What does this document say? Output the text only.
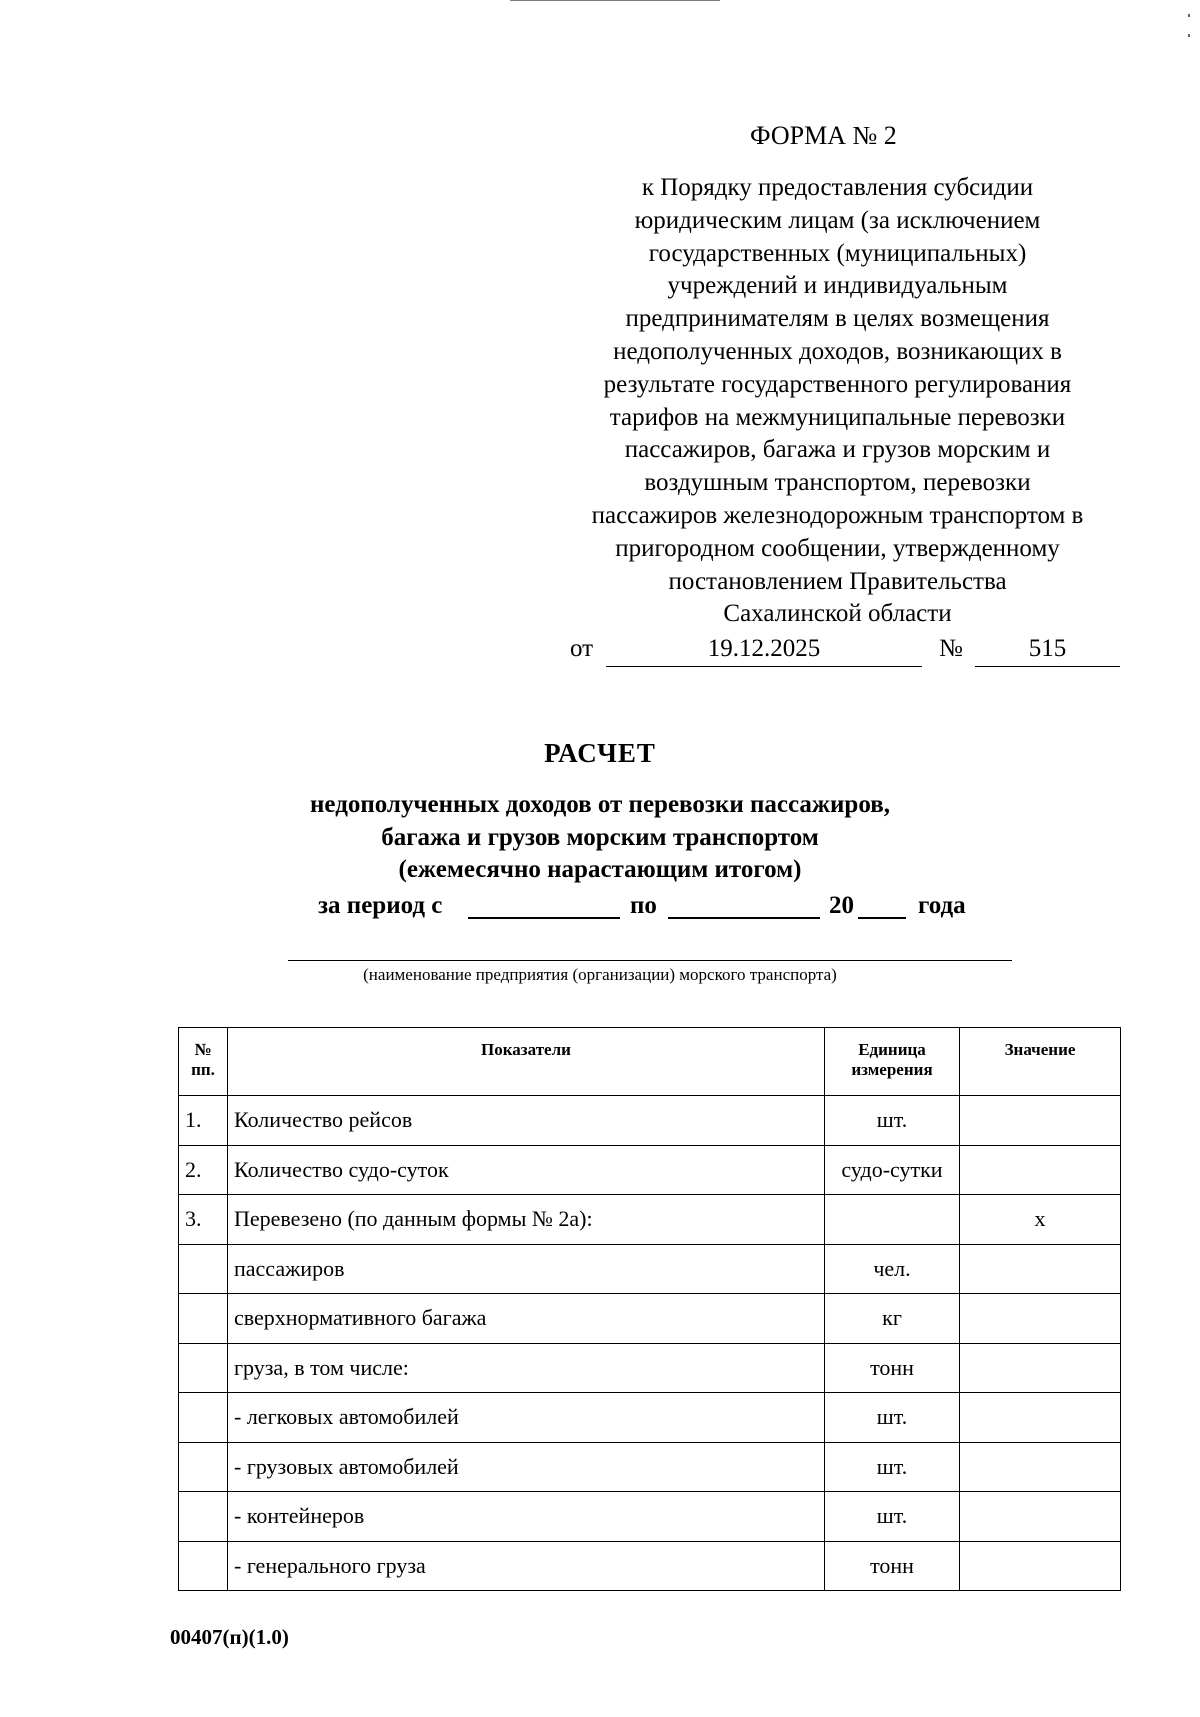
ФОРМА № 2
к Порядку предоставления субсидии
юридическим лицам (за исключением
государственных (муниципальных)
учреждений и индивидуальным
предпринимателям в целях возмещения
недополученных доходов, возникающих в
результате государственного регулирования
тарифов на межмуниципальные перевозки
пассажиров, багажа и грузов морским и
воздушным транспортом, перевозки
пассажиров железнодорожным транспортом в
пригородном сообщении, утвержденному
постановлением Правительства
Сахалинской области
от	19.12.2025	№	515
РАСЧЕТ
недополученных доходов от перевозки пассажиров,
багажа и грузов морским транспортом
(ежемесячно нарастающим итогом)
за период с	по	20	года
(наименование предприятия (организации) морского транспорта)
№ пп.	Показатели	Единица измерения	Значение
1.	Количество рейсов	шт.	
2.	Количество судо-суток	судо-сутки	
3.	Перевезено (по данным формы № 2а):		х
	пассажиров	чел.	
	сверхнормативного багажа	кг	
	груза, в том числе:	тонн	
	- легковых автомобилей	шт.	
	- грузовых автомобилей	шт.	
	- контейнеров	шт.	
	- генерального груза	тонн	
00407(п)(1.0)
